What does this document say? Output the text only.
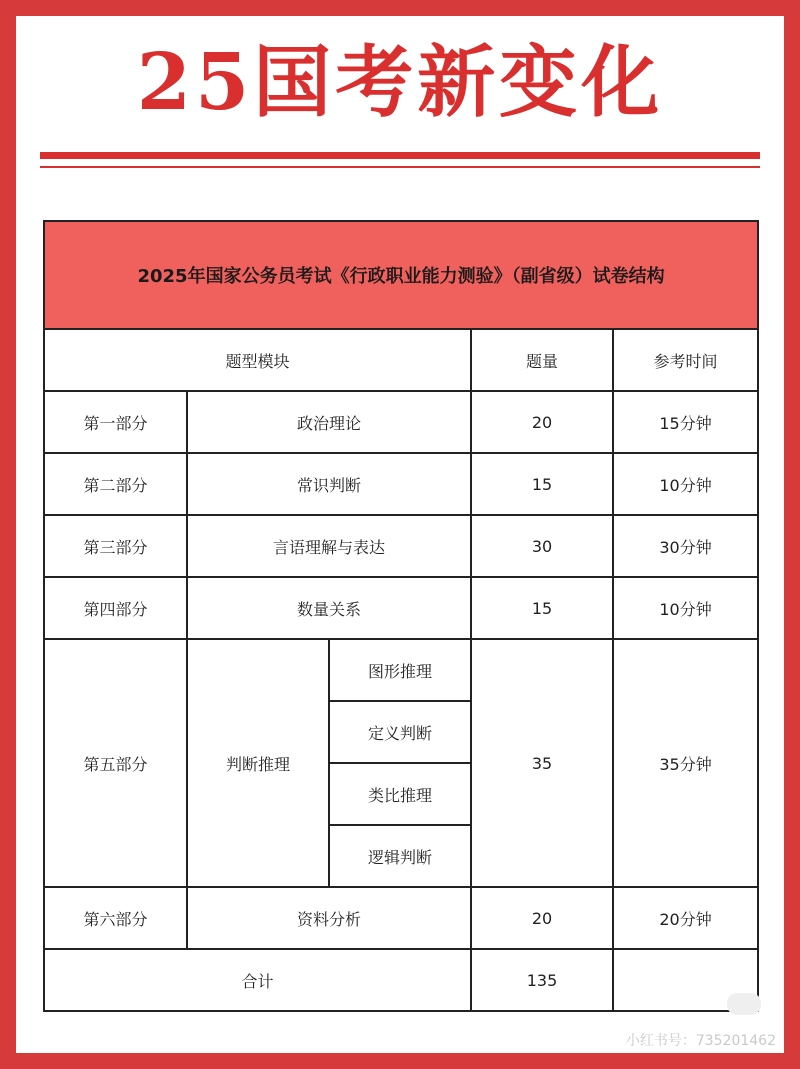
25国考新变化
2025年国家公务员考试《行政职业能力测验》（副省级）试卷结构				
题型模块			题量	参考时间
第一部分	政治理论		20	15分钟
第二部分	常识判断		15	10分钟
第三部分	言语理解与表达		30	30分钟
第四部分	数量关系		15	10分钟
第五部分	判断推理	图形推理	35	35分钟
		定义判断		
		类比推理		
		逻辑判断		
第六部分	资料分析		20	20分钟
合计			135	
小红书号：735201462
